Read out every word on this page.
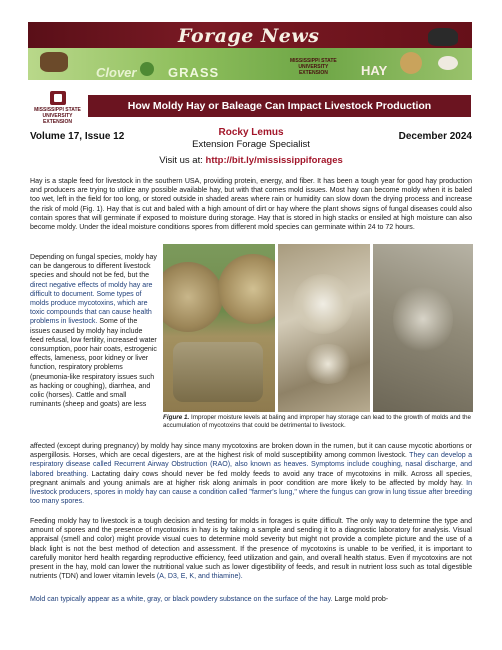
Forage News
MISSISSIPPI STATE
UNIVERSITY
EXTENSION
Clover GRASS	HAY
MISSISSIPPI STATE
UNIVERSITY
EXTENSION
How Moldy Hay or Baleage Can Impact Livestock Production
Volume 17, Issue 12	Rocky Lemus
Extension Forage Specialist
December 2024
Visit us at: http://bit.ly/mississippiforages
Hay is a staple feed for livestock in the southern USA, providing protein, energy, and fiber. It has been a tough year for good hay production and producers are trying to utilize any possible available hay, but with that comes mold issues. Most hay can become moldy when it is baled too wet, left in the field for too long, or stored outside in shaded areas where rain or humidity can slow down the drying process and increase the risk of mold (Fig. 1). Hay that is cut and baled with a high amount of dirt or hay where the plant shows signs of fungal diseases could also contain spores that will germinate if exposed to moisture during storage. Hay that is stored in high stacks or ensiled at high moisture can also become moldy. Under the ideal moisture conditions spores from different mold species can germinate within 24 to 72 hours.
Depending on fungal species, moldy hay can be dangerous to different livestock species and should not be fed, but the direct negative effects of moldy hay are difficult to document. Some types of molds produce mycotoxins, which are toxic compounds that can cause health problems in livestock. Some of the issues caused by moldy hay include feed refusal, low fertility, increased water consumption, poor hair coats, estrogenic effects, lameness, poor kidney or liver function, respiratory problems (pneumonia-like respiratory issues such as hacking or coughing), diarrhea, and colic (horses). Cattle and small ruminants (sheep and goats) are less
Figure 1. Improper moisture levels at baling and improper hay storage can lead to the growth of molds and the accumulation of mycotoxins that could be detrimental to livestock.
affected (except during pregnancy) by moldy hay since many mycotoxins are broken down in the rumen, but it can cause mycotic abortions or aspergillosis. Horses, which are cecal digesters, are at the highest risk of mold susceptibility among common livestock. They can develop a respiratory disease called Recurrent Airway Obstruction (RAO), also known as heaves. Symptoms include coughing, nasal discharge, and labored breathing. Lactating dairy cows should never be fed moldy feeds to avoid any trace of mycotoxins in milk. Across all species, pregnant animals and young animals are at higher risk along animals in poor condition are more likely to be affected by moldy hay. In livestock producers, spores in moldy hay can cause a condition called "farmer's lung," where the fungus can grow in lung tissue after breeding too many spores.
Feeding moldy hay to livestock is a tough decision and testing for molds in forages is quite difficult. The only way to determine the type and amount of spores and the presence of mycotoxins in hay is by taking a sample and sending it to a diagnostic laboratory for analysis. Visual appraisal (smell and color) might provide visual cues to determine mold severity but might not provide a complete picture and the use of a black light is not the best method of detection and assessment. If the presence of mycotoxins is unable to be verified, it is important to carefully monitor herd health regarding reproductive efficiency, feed utilization and gain, and overall health status. Even if mycotoxins are not present in the hay, mold can lower the nutritional value such as lower digestibility of feeds, and result in nutrient loss such as total digestible nutrients (TDN) and lower vitamin levels (A, D3, E, K, and thiamine).
Mold can typically appear as a white, gray, or black powdery substance on the surface of the hay. Large mold prob-
